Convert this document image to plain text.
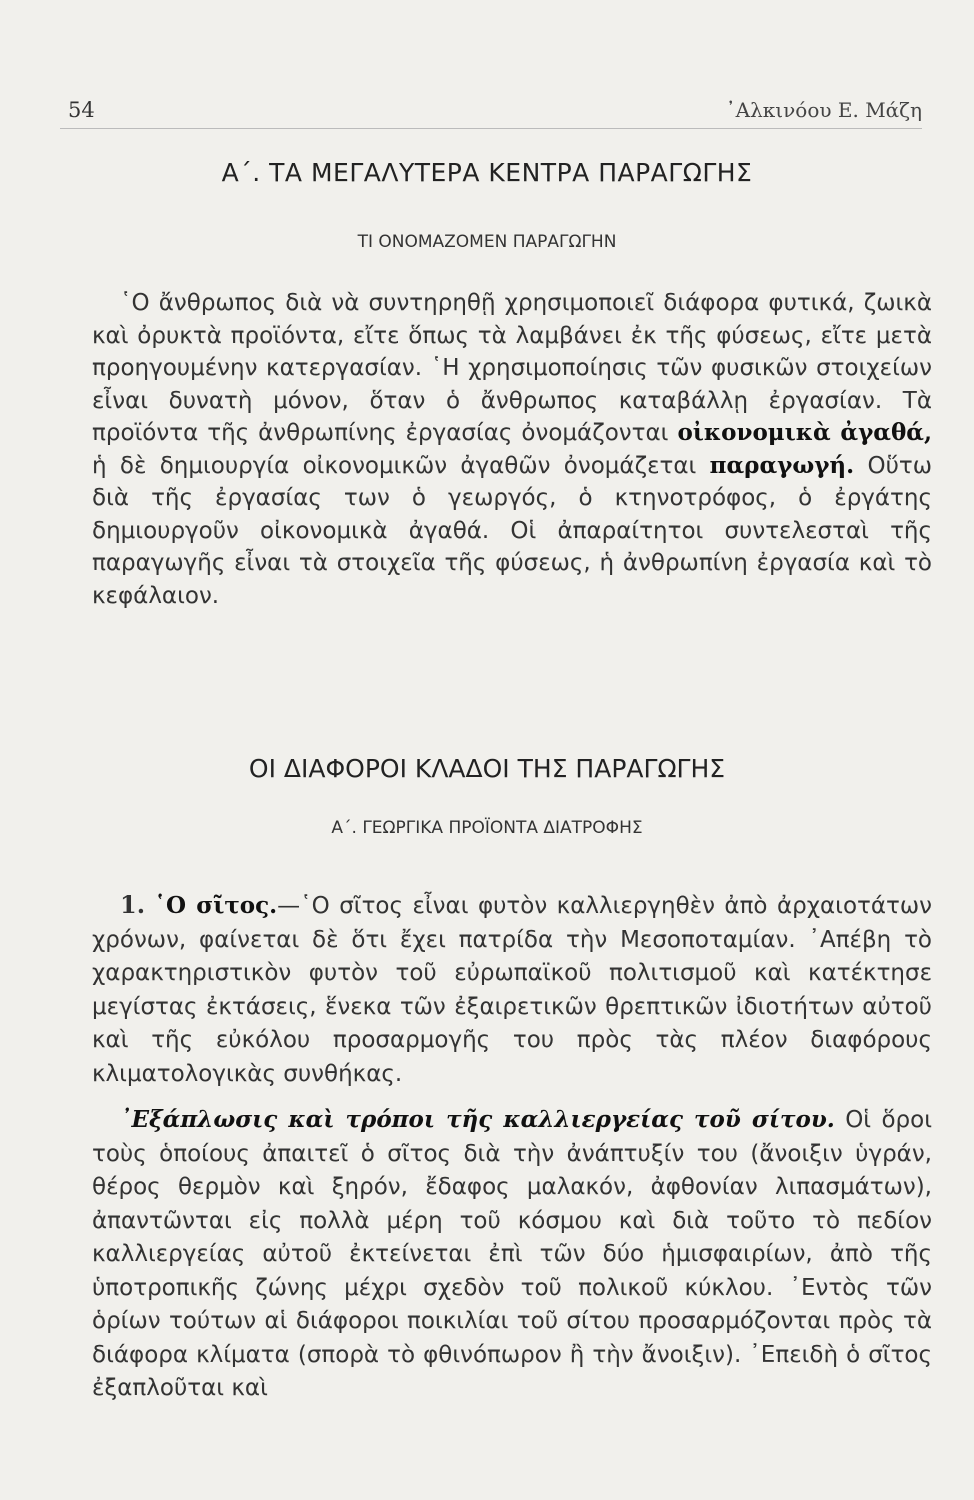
54	᾿Αλκινόου Ε. Μάζη
Α΄. ΤΑ ΜΕΓΑΛΥΤΕΡΑ ΚΕΝΤΡΑ ΠΑΡΑΓΩΓΗΣ
ΤΙ ΟΝΟΜΑΖΟΜΕΝ ΠΑΡΑΓΩΓΗΝ

῾Ο ἄνθρωπος διὰ νὰ συντηρηθῇ χρησιμοποιεῖ διάφορα φυτικά, ζωικὰ καὶ ὀρυκτὰ προϊόντα, εἴτε ὅπως τὰ λαμβάνει ἐκ τῆς φύσεως, εἴτε μετὰ προηγουμένην κατεργασίαν. ῾Η χρησιμοποίησις τῶν φυσικῶν στοιχείων εἶναι δυνατὴ μόνον, ὅταν ὁ ἄνθρωπος καταβάλλῃ ἐργασίαν. Τὰ προϊόντα τῆς ἀνθρωπίνης ἐργασίας ὀνομάζονται οἰκονομικὰ ἀγαθά, ἡ δὲ δημιουργία οἰκονομικῶν ἀγαθῶν ὀνομάζεται παραγωγή. Οὕτω διὰ τῆς ἐργασίας των ὁ γεωργός, ὁ κτηνοτρόφος, ὁ ἐργάτης δημιουργοῦν οἰκονομικὰ ἀγαθά. Οἱ ἀπαραίτητοι συντελεσταὶ τῆς παραγωγῆς εἶναι τὰ στοιχεῖα τῆς φύσεως, ἡ ἀνθρωπίνη ἐργασία καὶ τὸ κεφάλαιον.

ΟΙ ΔΙΑΦΟΡΟΙ ΚΛΑΔΟΙ ΤΗΣ ΠΑΡΑΓΩΓΗΣ
Α΄. ΓΕΩΡΓΙΚΑ ΠΡΟΪΟΝΤΑ ΔΙΑΤΡΟΦΗΣ

1. ῾Ο σῖτος.—῾Ο σῖτος εἶναι φυτὸν καλλιεργηθὲν ἀπὸ ἀρχαιοτάτων χρόνων, φαίνεται δὲ ὅτι ἔχει πατρίδα τὴν Μεσοποταμίαν. ᾿Απέβη τὸ χαρακτηριστικὸν φυτὸν τοῦ εὐρωπαϊκοῦ πολιτισμοῦ καὶ κατέκτησε μεγίστας ἐκτάσεις, ἕνεκα τῶν ἐξαιρετικῶν θρεπτικῶν ἰδιοτήτων αὐτοῦ καὶ τῆς εὐκόλου προσαρμογῆς του πρὸς τὰς πλέον διαφόρους κλιματολογικὰς συνθήκας.

᾿Εξάπλωσις καὶ τρόποι τῆς καλλιεργείας τοῦ σίτου. Οἱ ὅροι τοὺς ὁποίους ἀπαιτεῖ ὁ σῖτος διὰ τὴν ἀνάπτυξίν του (ἄνοιξιν ὑγράν, θέρος θερμὸν καὶ ξηρόν, ἔδαφος μαλακόν, ἀφθονίαν λιπασμάτων), ἀπαντῶνται εἰς πολλὰ μέρη τοῦ κόσμου καὶ διὰ τοῦτο τὸ πεδίον καλλιεργείας αὐτοῦ ἐκτείνεται ἐπὶ τῶν δύο ἡμισφαιρίων, ἀπὸ τῆς ὑποτροπικῆς ζώνης μέχρι σχεδὸν τοῦ πολικοῦ κύκλου. ᾿Εντὸς τῶν ὁρίων τούτων αἱ διάφοροι ποικιλίαι τοῦ σίτου προσαρμόζονται πρὸς τὰ διάφορα κλίματα (σπορὰ τὸ φθινόπωρον ἢ τὴν ἄνοιξιν). ᾿Επειδὴ ὁ σῖτος ἐξαπλοῦται καὶ
